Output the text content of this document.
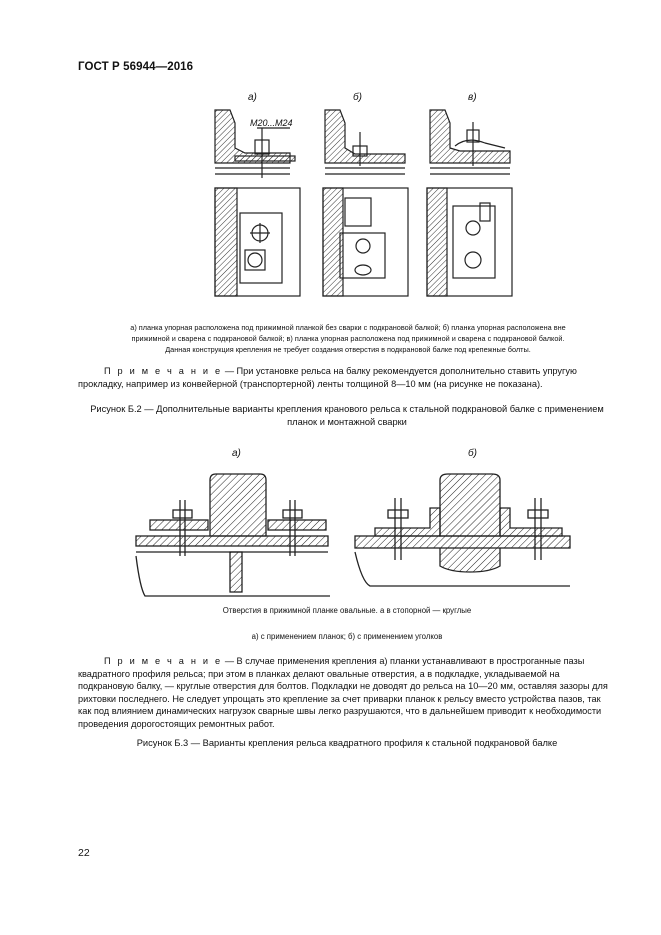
ГОСТ Р 56944—2016
а)	б)	в)
М20...М24
а) планка упорная расположена под прижимной планкой без сварки с подкрановой балкой; б) планка упорная расположена вне
прижимной и сварена с подкрановой балкой; в) планка упорная расположена под прижимной и сварена с подкрановой балкой.
Данная конструкция крепления не требует создания отверстия в подкрановой балке под крепежные болты.
П р и м е ч а н и е — При установке рельса на балку рекомендуется дополнительно ставить упругую прокладку, например из конвейерной (транспортерной) ленты толщиной 8—10 мм (на рисунке не показана).
Рисунок Б.2 — Дополнительные варианты крепления кранового рельса к стальной подкрановой балке с применением планок и монтажной сварки
а)	б)
Отверстия в прижимной планке овальные. а в стопорной — круглые
а) с применением планок; б) с применением уголков
П р и м е ч а н и е — В случае применения крепления а) планки устанавливают в прострoганные пазы квадратного профиля рельса; при этом в планках делают овальные отверстия, а в подкладке, укладываемой на подкрановую балку, — круглые отверстия для болтов. Подкладки не доводят до рельса на 10—20 мм, оставляя зазоры для рихтовки последнего. Не следует упрощать это крепление за счет приварки планок к рельсу вместо устройства пазов, так как под влиянием динамических нагрузок сварные швы легко разрушаются, что в дальнейшем приводит к необходимости проведения дорогостоящих ремонтных работ.
Рисунок Б.3 — Варианты крепления рельса квадратного профиля к стальной подкрановой балке
22
